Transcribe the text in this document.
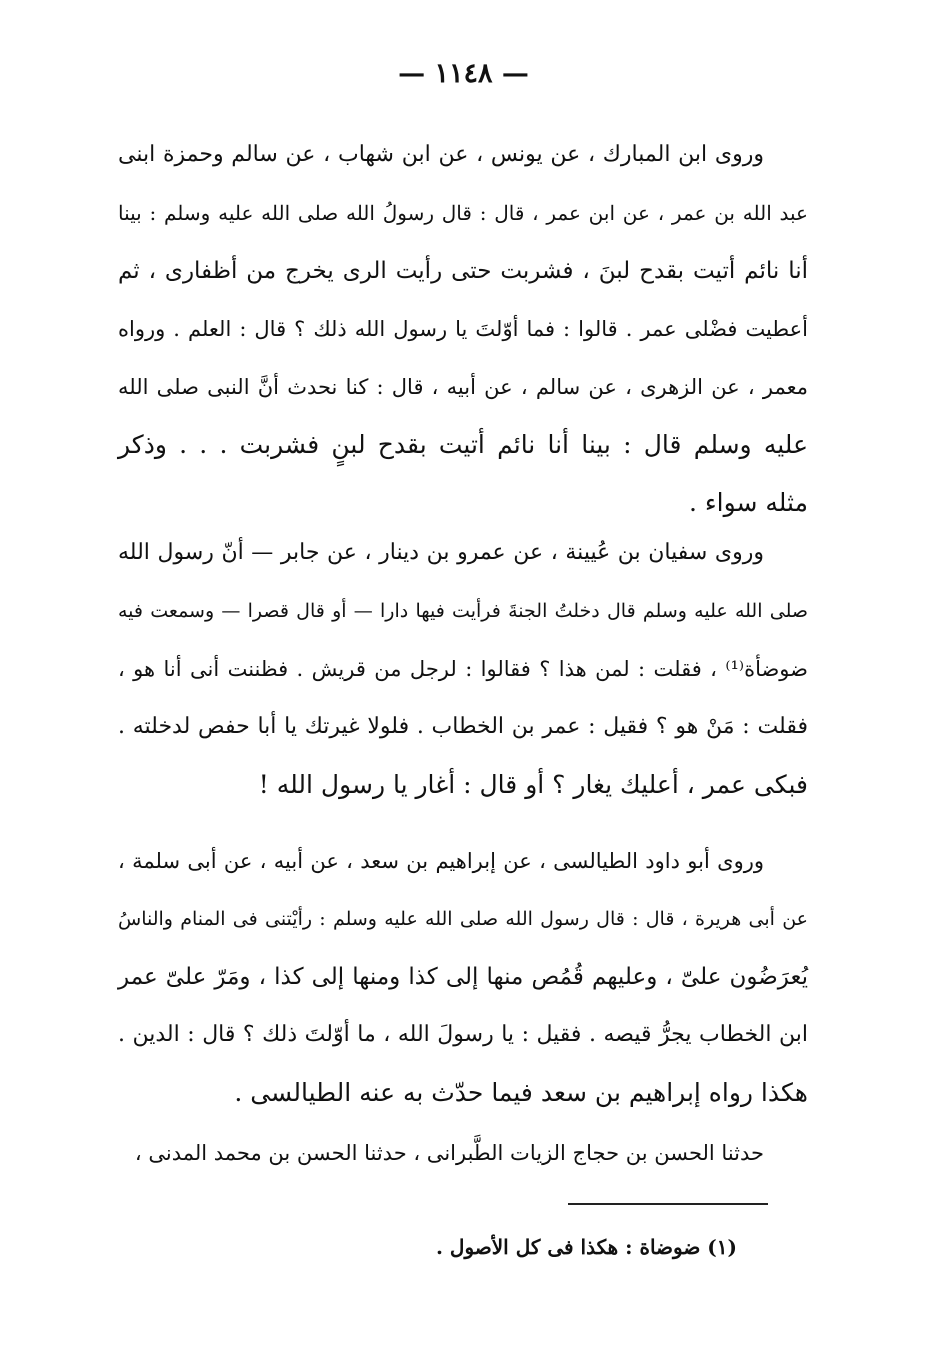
— ١١٤٨ —
وروى ابن المبارك ، عن يونس ، عن ابن شهاب ، عن سالم وحمزة ابنى
عبد الله بن عمر ، عن ابن عمر ، قال : قال رسولُ الله صلى الله عليه وسلم : بينا
أنا نائم أتيت بقدح لبنَ ، فشربت حتى رأيت الرى يخرج من أظفارى ، ثم
أعطيت فضْلى عمر . قالوا : فما أوّلتَ يا رسول الله ذلك ؟ قال : العلم . ورواه
معمر ، عن الزهرى ، عن سالم ، عن أبيه ، قال : كنا نحدث أنَّ النبى صلى الله
عليه وسلم قال : بينا أنا نائم أتيت بقدح لبنٍ فشربت . . . وذكر
مثله سواء .
وروى سفيان بن عُيينة ، عن عمرو بن دينار ، عن جابر — أنّ رسول الله
صلى الله عليه وسلم قال دخلتُ الجنةَ فرأيت فيها دارا — أو قال قصرا — وسمعت فيه
ضوضأة⁽¹⁾ ، فقلت : لمن هذا ؟ فقالوا : لرجل من قريش . فظننت أنى أنا هو ،
فقلت : مَنْ هو ؟ فقيل : عمر بن الخطاب . فلولا غيرتك يا أبا حفص لدخلته .
فبكى عمر ، أعليك يغار ؟ أو قال : أغار يا رسول الله !
وروى أبو داود الطيالسى ، عن إبراهيم بن سعد ، عن أبيه ، عن أبى سلمة ،
عن أبى هريرة ، قال : قال رسول الله صلى الله عليه وسلم : رأيْتنى فى المنام والناسُ
يُعرَضُون علىّ ، وعليهم قُمُص منها إلى كذا ومنها إلى كذا ، ومَرّ علىّ عمر
ابن الخطاب يجرُّ قيصه . فقيل : يا رسولَ الله ، ما أوّلتَ ذلك ؟ قال : الدين .
هكذا رواه إبراهيم بن سعد فيما حدّث به عنه الطيالسى .
حدثنا الحسن بن حجاج الزيات الطَّبرانى ، حدثنا الحسن بن محمد المدنى ،
(١) ضوضاة : هكذا فى كل الأصول .
